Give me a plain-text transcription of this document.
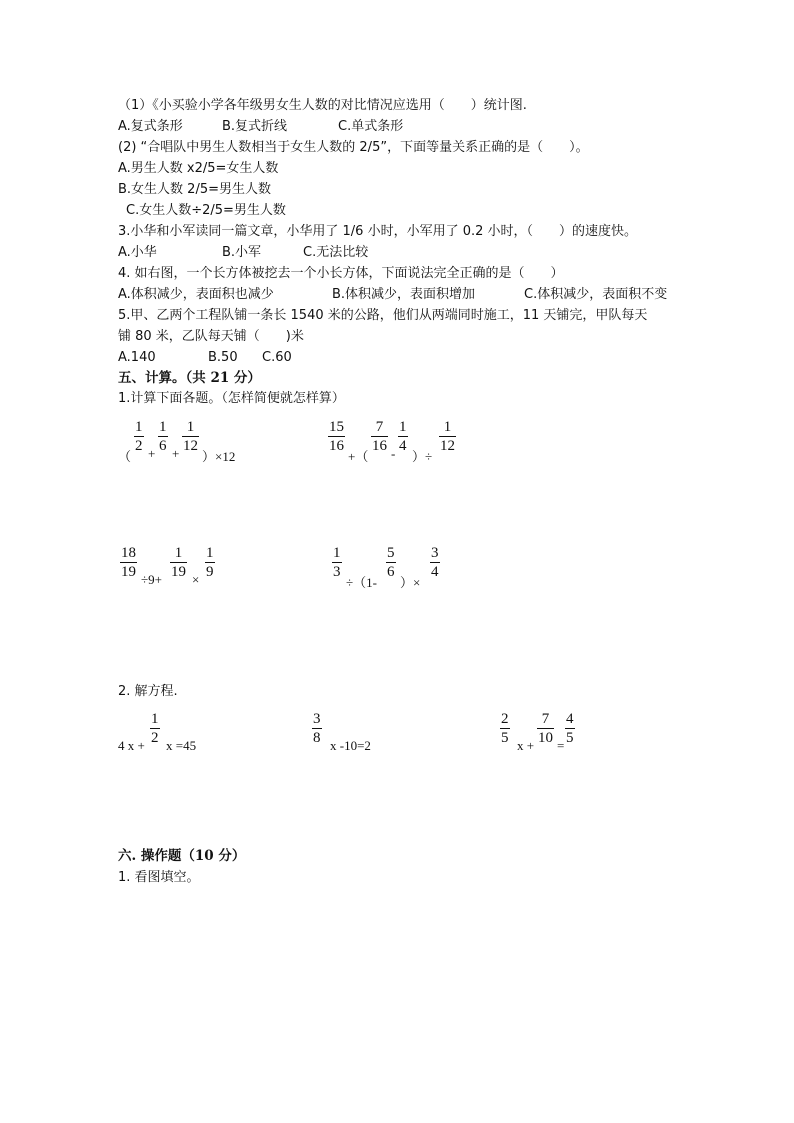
（1）《小买验小学各年级男女生人数的对比情况应选用（　　）统计图.
A.复式条形	B.复式折线	C.单式条形
(2) “合唱队中男生人数相当于女生人数的 2/5”，下面等量关系正确的是（　　）。
A.男生人数 x2/5=女生人数
B.女生人数 2/5=男生人数
C.女生人数÷2/5=男生人数
3.小华和小军读同一篇文章，小华用了 1/6 小时，小军用了 0.2 小时，（　　）的速度快。
A.小华	B.小军	C.无法比较
4. 如右图，一个长方体被挖去一个小长方体，下面说法完全正确的是（　　）
A.体积减少，表面积也减少	B.体积减少，表面积增加	C.体积减少，表面积不变
5.甲、乙两个工程队铺一条长 1540 米的公路，他们从两端同时施工，11 天铺完，甲队每天
铺 80 米，乙队每天铺（　　)米
A.140	B.50 C.60
五、计算。（共 21 分）
1.计算下面各题。（怎样简便就怎样算）
（
1
2 +
1
6 +
1
12
）×12
15
16
+（
7
16 -
1
4
）÷
1
12
18
19 ÷9+
1
19 ×
1
9
1
3
÷（1-
5
6
）×
3
4
2. 解方程.
4 x +
1
2 x =45
3
8 x -10=2
2
5 x +
7
10 =
4
5
六. 操作题（10 分）
1. 看图填空。
